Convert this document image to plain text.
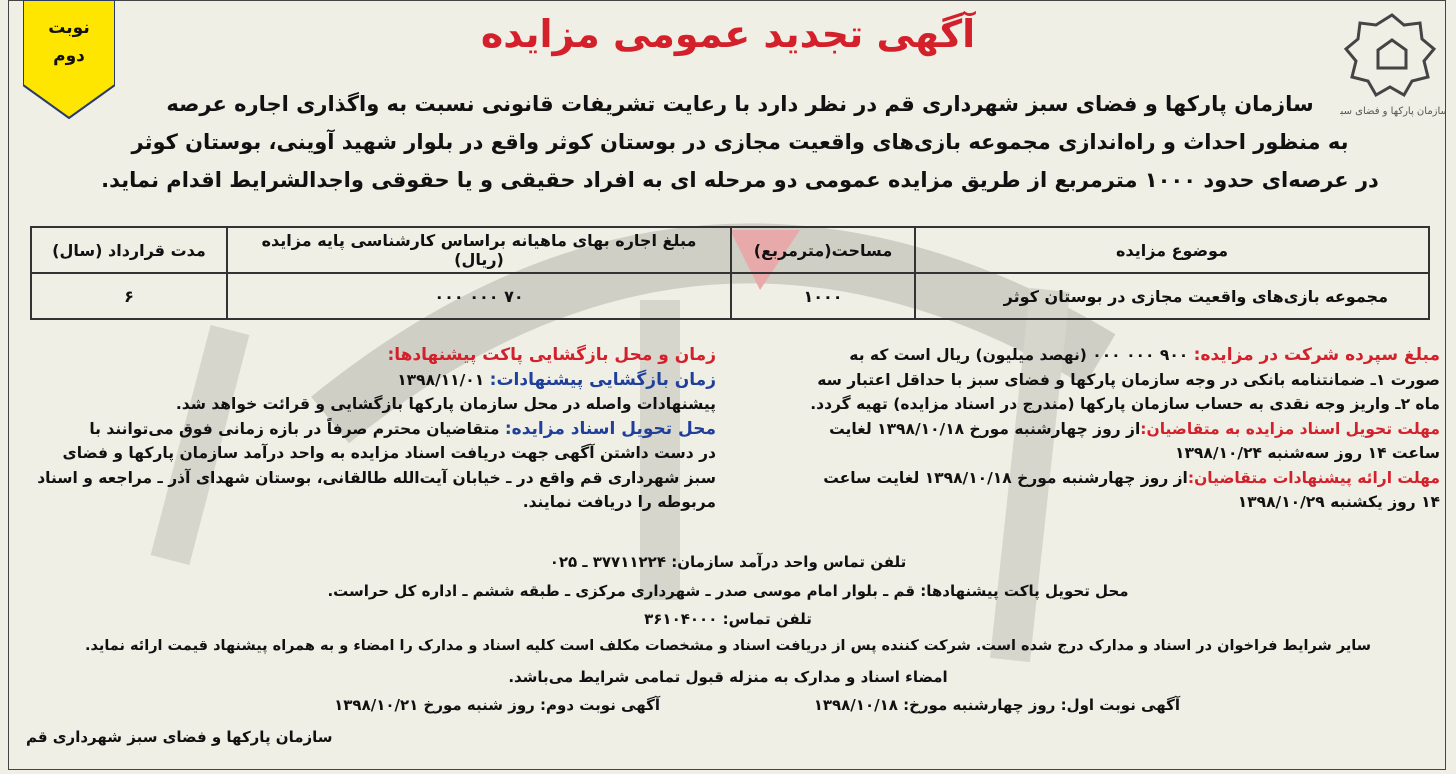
نوبت
دوم
سازمان پارکها و فضای سبز
آگهی تجدید عمومی مزایده
سازمان پارکها و فضای سبز شهرداری قم در نظر دارد با رعایت تشریفات قانونی نسبت به واگذاری اجاره عرصه
به منظور احداث و راه‌اندازی مجموعه بازی‌های واقعیت مجازی در بوستان کوثر واقع در بلوار شهید آوینی، بوستان کوثر
در عرصه‌ای حدود ۱۰۰۰ مترمربع از طریق مزایده عمومی دو مرحله ای به افراد حقیقی و یا حقوقی واجدالشرایط اقدام نماید.
موضوع مزایده	مساحت(مترمربع)	مبلغ اجاره بهای ماهیانه براساس کارشناسی پایه مزایده (ریال)	مدت قرارداد (سال)
مجموعه بازی‌های واقعیت مجازی در بوستان کوثر	۱۰۰۰	۷۰ ۰۰۰ ۰۰۰	۶
مبلغ سپرده شرکت در مزایده: ۹۰۰ ۰۰۰ ۰۰۰ (نهصد میلیون) ریال است که به
صورت ۱ـ ضمانتنامه بانکی در وجه سازمان پارکها و فضای سبز با حداقل اعتبار سه
ماه ۲ـ واریز وجه نقدی به حساب سازمان پارکها (مندرج در اسناد مزایده) تهیه گردد.
مهلت تحویل اسناد مزایده به متقاضیان:از روز چهارشنبه مورخ ۱۳۹۸/۱۰/۱۸ لغایت
ساعت ۱۴ روز سه‌شنبه ۱۳۹۸/۱۰/۲۴
مهلت ارائه پیشنهادات متقاضیان:از روز چهارشنبه مورخ ۱۳۹۸/۱۰/۱۸ لغایت ساعت
۱۴ روز یکشنبه ۱۳۹۸/۱۰/۲۹
زمان و محل بازگشایی پاکت پیشنهادها:
زمان بازگشایی پیشنهادات: ۱۳۹۸/۱۱/۰۱
پیشنهادات واصله در محل سازمان پارکها بازگشایی و قرائت خواهد شد.
محل تحویل اسناد مزایده: متقاضیان محترم صرفاً در بازه زمانی فوق می‌توانند با
در دست داشتن آگهی جهت دریافت اسناد مزایده به واحد درآمد سازمان پارکها و فضای
سبز شهرداری قم واقع در ـ خیابان آیت‌الله طالقانی، بوستان شهدای آذر ـ مراجعه و اسناد
مربوطه را دریافت نمایند.
تلفن تماس واحد درآمد سازمان: ۳۷۷۱۱۲۲۴ ـ ۰۲۵
محل تحویل پاکت پیشنهادها: قم ـ بلوار امام موسی صدر ـ شهرداری مرکزی ـ طبقه ششم ـ اداره کل حراست.
تلفن تماس: ۳۶۱۰۴۰۰۰
سایر شرایط فراخوان در اسناد و مدارک درج شده است. شرکت کننده پس از دریافت اسناد و مشخصات مکلف است کلیه اسناد و مدارک را امضاء و به همراه پیشنهاد قیمت ارائه نماید.
امضاء اسناد و مدارک به منزله قبول تمامی شرایط می‌باشد.
آگهی نوبت اول: روز چهارشنبه مورخ: ۱۳۹۸/۱۰/۱۸
آگهی نوبت دوم: روز شنبه مورخ ۱۳۹۸/۱۰/۲۱
سازمان پارکها و فضای سبز شهرداری قم
